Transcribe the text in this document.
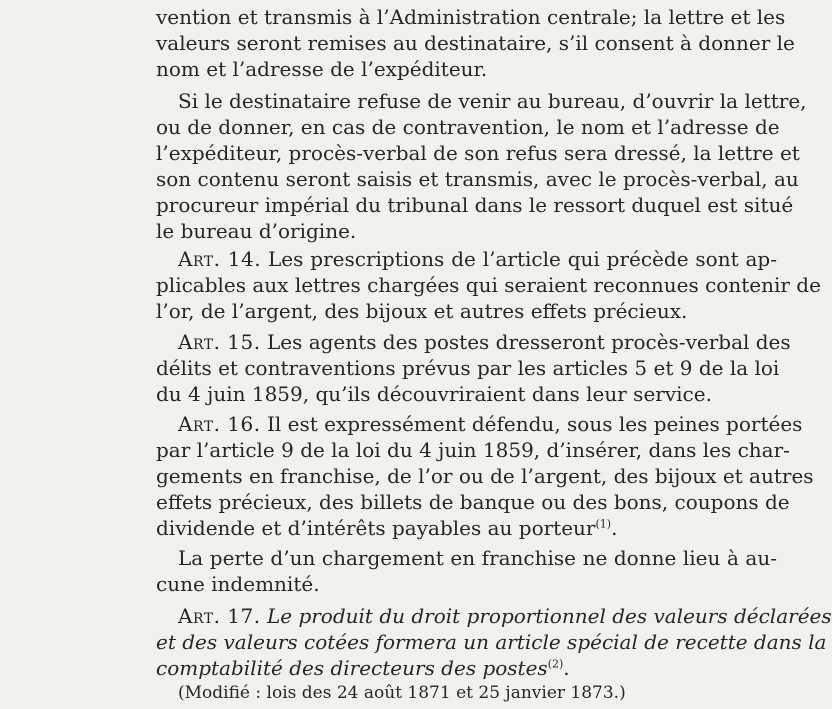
vention et transmis à l’Administration centrale; la lettre et les
valeurs seront remises au destinataire, s’il consent à donner le
nom et l’adresse de l’expéditeur.
Si le destinataire refuse de venir au bureau, d’ouvrir la lettre,
ou de donner, en cas de contravention, le nom et l’adresse de
l’expéditeur, procès-verbal de son refus sera dressé, la lettre et
son contenu seront saisis et transmis, avec le procès-verbal, au
procureur impérial du tribunal dans le ressort duquel est situé
le bureau d’origine.
Art. 14. Les prescriptions de l’article qui précède sont ap-
plicables aux lettres chargées qui seraient reconnues contenir de
l’or, de l’argent, des bijoux et autres effets précieux.
Art. 15. Les agents des postes dresseront procès-verbal des
délits et contraventions prévus par les articles 5 et 9 de la loi
du 4 juin 1859, qu’ils découvriraient dans leur service.
Art. 16. Il est expressément défendu, sous les peines portées
par l’article 9 de la loi du 4 juin 1859, d’insérer, dans les char-
gements en franchise, de l’or ou de l’argent, des bijoux et autres
effets précieux, des billets de banque ou des bons, coupons de
dividende et d’intérêts payables au porteur$^{(1)}$.
La perte d’un chargement en franchise ne donne lieu à au-
cune indemnité.
Art. 17. Le produit du droit proportionnel des valeurs déclarées
et des valeurs cotées formera un article spécial de recette dans la
comptabilité des directeurs des postes$^{(2)}$.
(Modifié : lois des 24 août 1871 et 25 janvier 1873.)
